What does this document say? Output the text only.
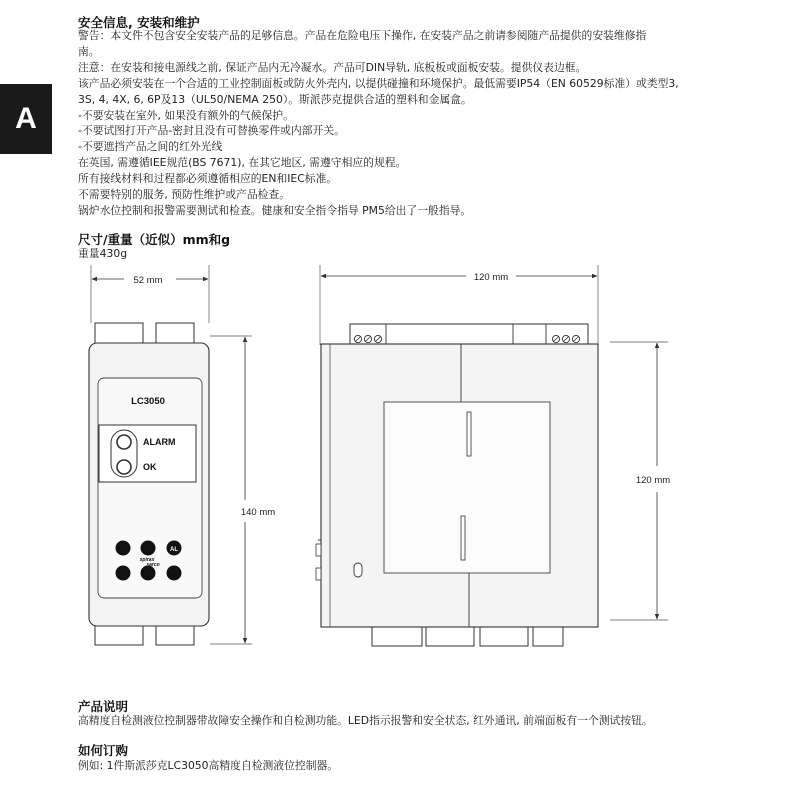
A
安全信息, 安装和维护
警告：本文件不包含安全安装产品的足够信息。产品在危险电压下操作, 在安装产品之前请参阅随产品提供的安装维修指
南。
注意：在安装和接电源线之前, 保证产品内无冷凝水。产品可DIN导轨, 底板板或面板安装。提供仪表边框。
该产品必须安装在一个合适的工业控制面板或防火外壳内, 以提供碰撞和环境保护。最低需要IP54（EN 60529标准）或类型3,
3S, 4, 4X, 6, 6P及13（UL50/NEMA 250）。斯派莎克提供合适的塑料和金属盒。
-不要安装在室外, 如果没有额外的气候保护。
-不要试图打开产品-密封且没有可替换零件或内部开关。
-不要遮挡产品之间的红外光线
在英国, 需遵循IEE规范(BS 7671), 在其它地区, 需遵守相应的规程。
所有接线材料和过程都必须遵循相应的EN和IEC标准。
不需要特别的服务, 预防性维护或产品检查。
锅炉水位控制和报警需要测试和检查。健康和安全指令指导 PM5给出了一般指导。
尺寸/重量（近似）mm和g
重量430g
52 mm
140 mm
LC3050
ALARM
OK
AL
spirax
sarco
120 mm
120 mm
产品说明
高精度自检测液位控制器带故障安全操作和自检测功能。LED指示报警和安全状态, 红外通讯, 前端面板有一个测试按钮。
如何订购
例如: 1件斯派莎克LC3050高精度自检测液位控制器。
